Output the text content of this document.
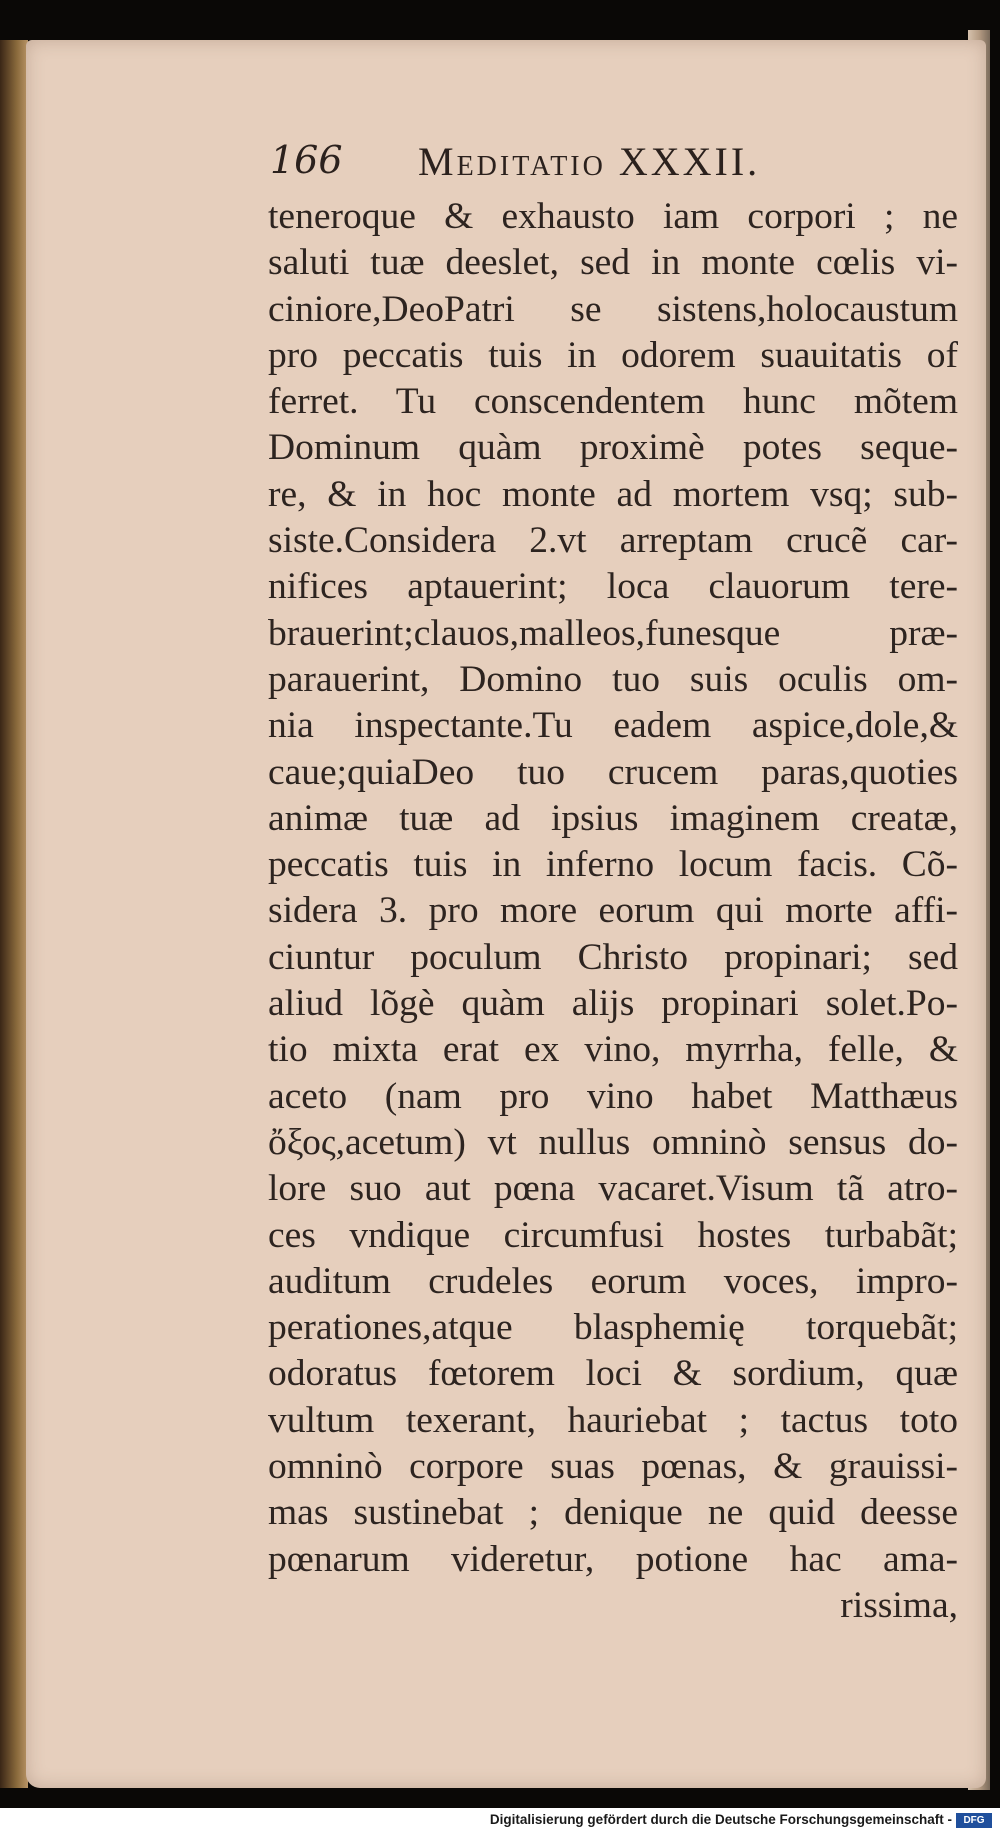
166 Meditatio XXXII.
teneroque & exhausto iam corpori ; ne
saluti tuæ deeslet, sed in monte cœlis vi-
ciniore,DeoPatri se sistens,holocaustum
pro peccatis tuis in odorem suauitatis of
ferret. Tu conscendentem hunc mõtem
Dominum quàm proximè potes seque-
re, & in hoc monte ad mortem vsq; sub-
siste.Considera 2.vt arreptam crucẽ car-
nifices aptauerint; loca clauorum tere-
brauerint;clauos,malleos,funesque præ-
parauerint, Domino tuo suis oculis om-
nia inspectante.Tu eadem aspice,dole,&
caue;quiaDeo tuo crucem paras,quoties
animæ tuæ ad ipsius imaginem creatæ,
peccatis tuis in inferno locum facis. Cõ-
sidera 3. pro more eorum qui morte affi-
ciuntur poculum Christo propinari; sed
aliud lõgè quàm alijs propinari solet.Po-
tio mixta erat ex vino, myrrha, felle, &
aceto (nam pro vino habet Matthæus
ὄξος,acetum) vt nullus omninò sensus do-
lore suo aut pœna vacaret.Visum tã atro-
ces vndique circumfusi hostes turbabãt;
auditum crudeles eorum voces, impro-
perationes,atque blasphemię torquebãt;
odoratus fœtorem loci & sordium, quæ
vultum texerant, hauriebat ; tactus toto
omninò corpore suas pœnas, & grauissi-
mas sustinebat ; denique ne quid deesse
pœnarum videretur, potione hac ama-
rissima,
Digitalisierung gefördert durch die Deutsche Forschungsgemeinschaft -	DFG
